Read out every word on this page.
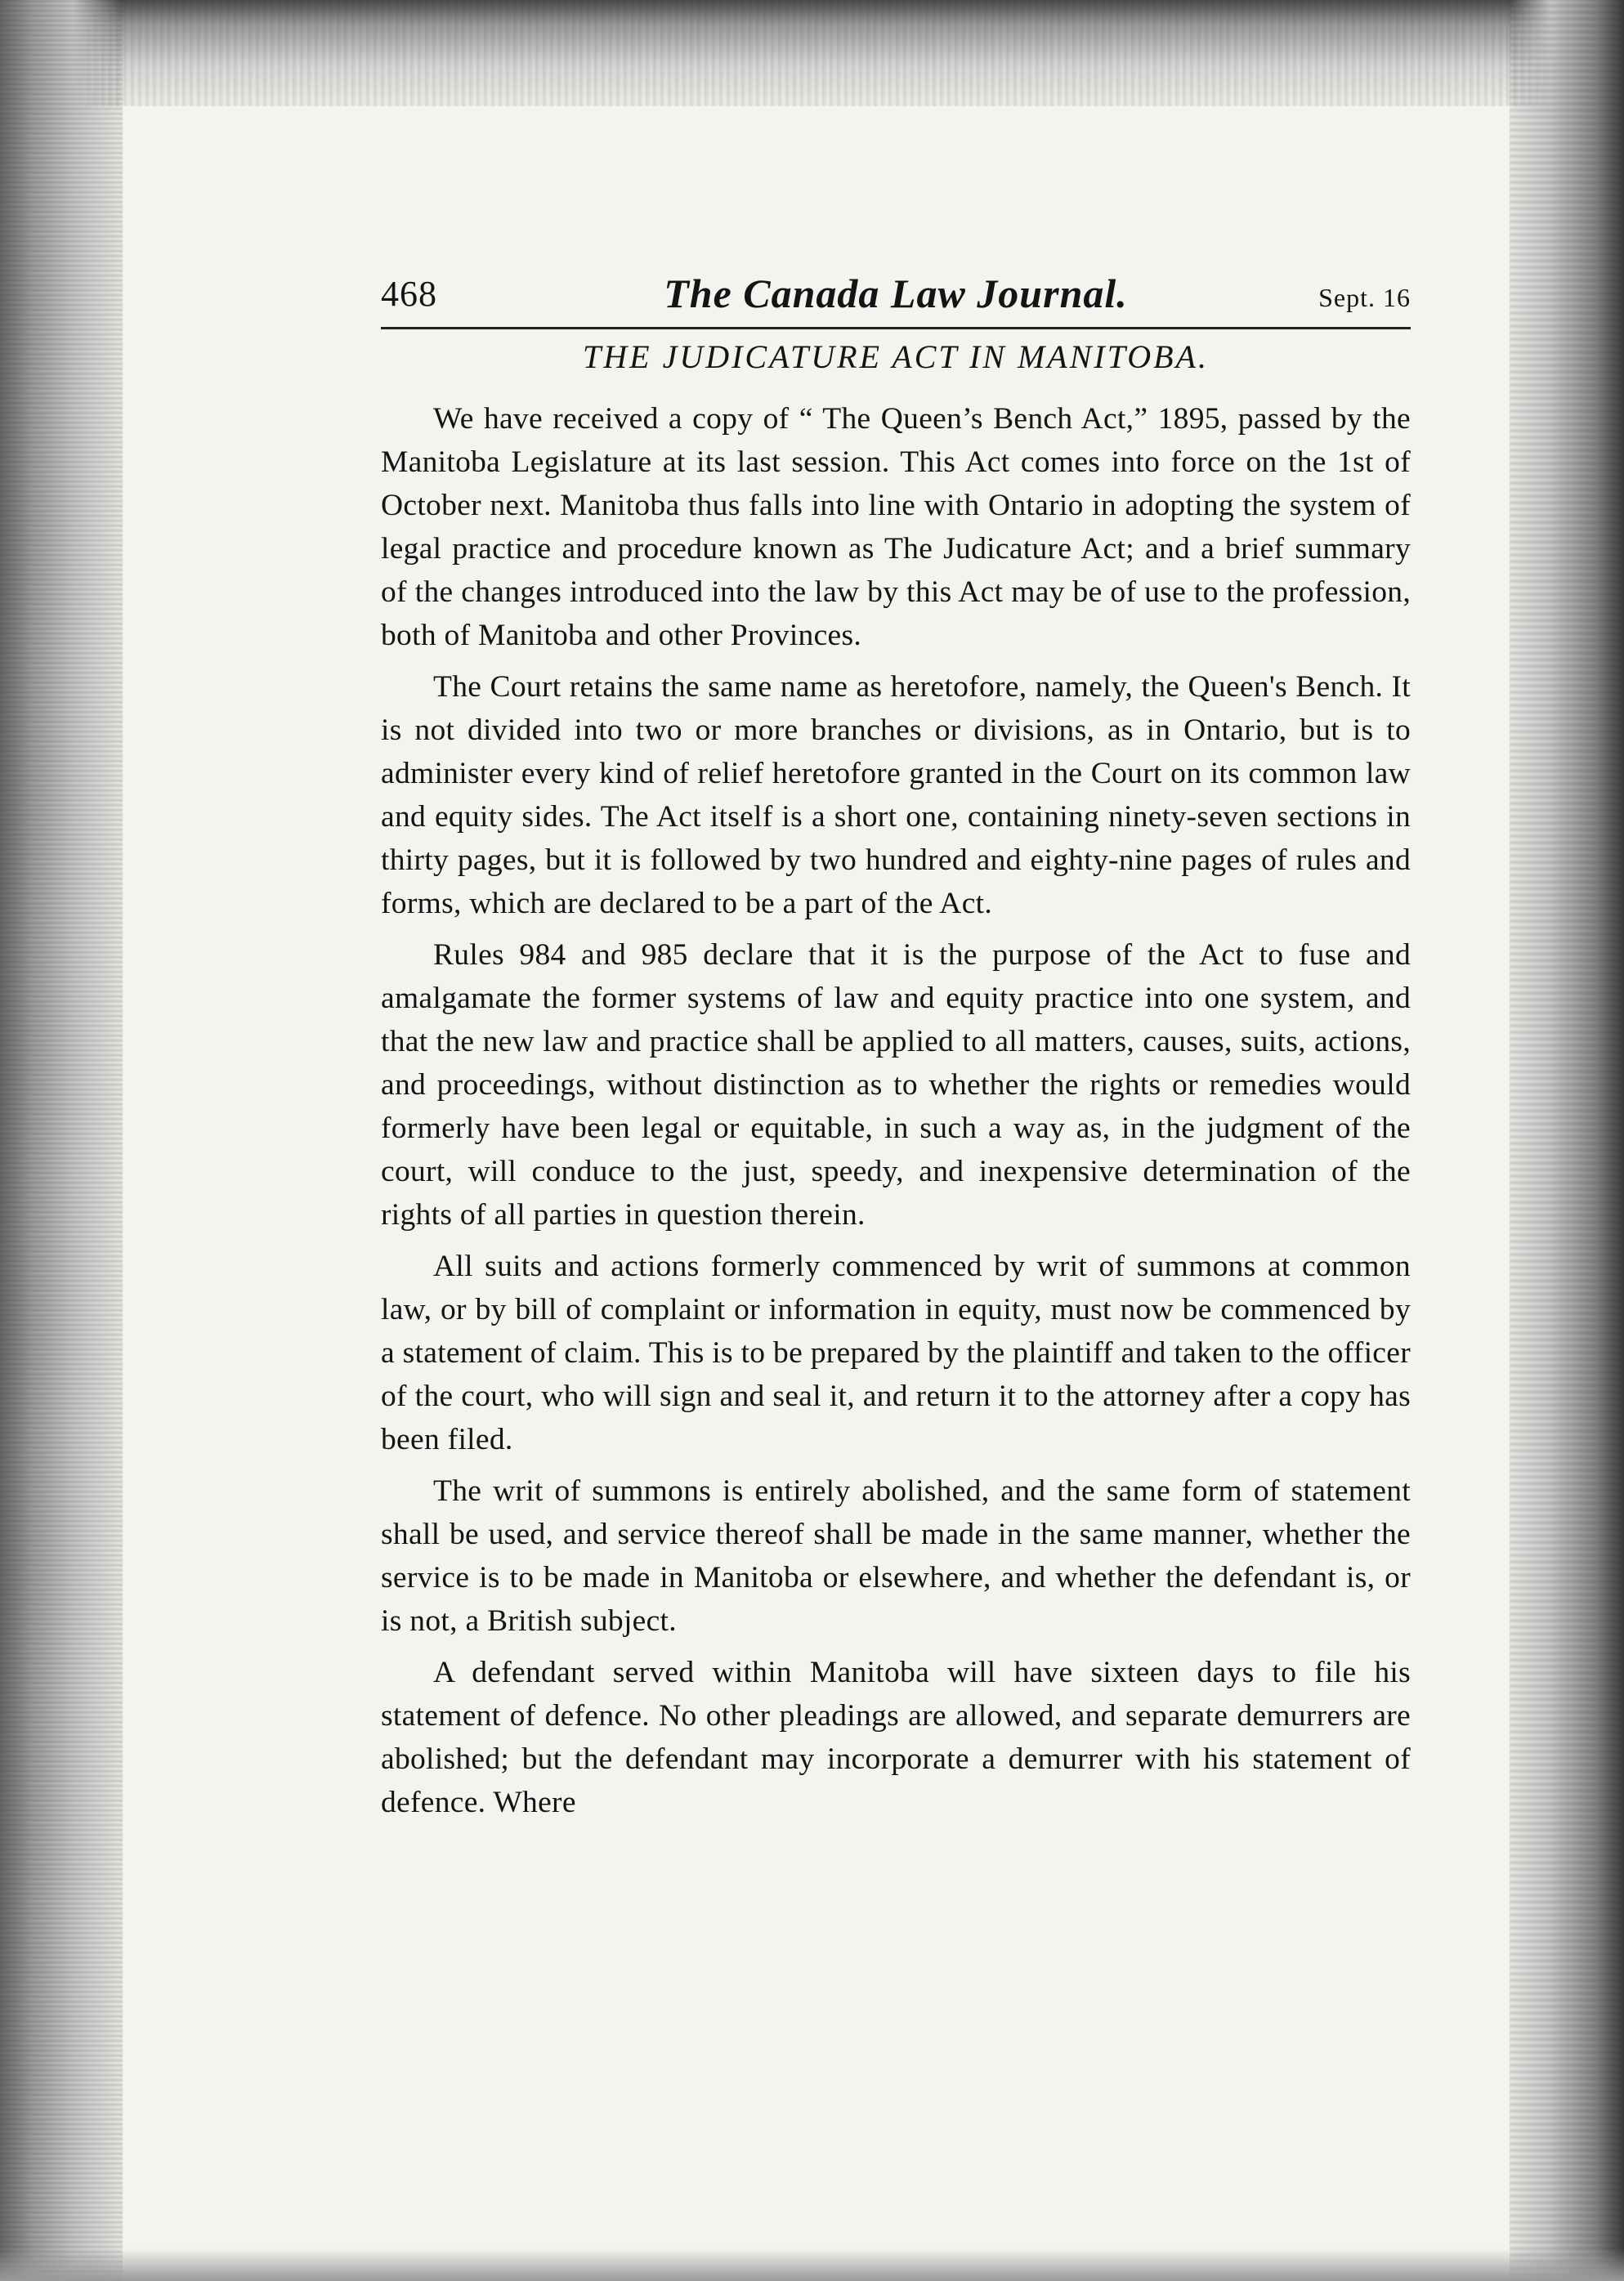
468	The Canada Law Journal.	Sept. 16
THE JUDICATURE ACT IN MANITOBA.

We have received a copy of “ The Queen’s Bench Act,” 1895, passed by the Manitoba Legislature at its last session. This Act comes into force on the 1st of October next. Manitoba thus falls into line with Ontario in adopting the system of legal practice and procedure known as The Judicature Act; and a brief summary of the changes introduced into the law by this Act may be of use to the profession, both of Manitoba and other Provinces.

The Court retains the same name as heretofore, namely, the Queen's Bench. It is not divided into two or more branches or divisions, as in Ontario, but is to administer every kind of relief heretofore granted in the Court on its common law and equity sides. The Act itself is a short one, containing ninety-seven sections in thirty pages, but it is followed by two hundred and eighty-nine pages of rules and forms, which are declared to be a part of the Act.

Rules 984 and 985 declare that it is the purpose of the Act to fuse and amalgamate the former systems of law and equity practice into one system, and that the new law and practice shall be applied to all matters, causes, suits, actions, and proceedings, without distinction as to whether the rights or remedies would formerly have been legal or equitable, in such a way as, in the judgment of the court, will conduce to the just, speedy, and inexpensive determination of the rights of all parties in question therein.

All suits and actions formerly commenced by writ of summons at common law, or by bill of complaint or information in equity, must now be commenced by a statement of claim. This is to be prepared by the plaintiff and taken to the officer of the court, who will sign and seal it, and return it to the attorney after a copy has been filed.

The writ of summons is entirely abolished, and the same form of statement shall be used, and service thereof shall be made in the same manner, whether the service is to be made in Manitoba or elsewhere, and whether the defendant is, or is not, a British subject.

A defendant served within Manitoba will have sixteen days to file his statement of defence. No other pleadings are allowed, and separate demurrers are abolished; but the defendant may incorporate a demurrer with his statement of defence. Where
